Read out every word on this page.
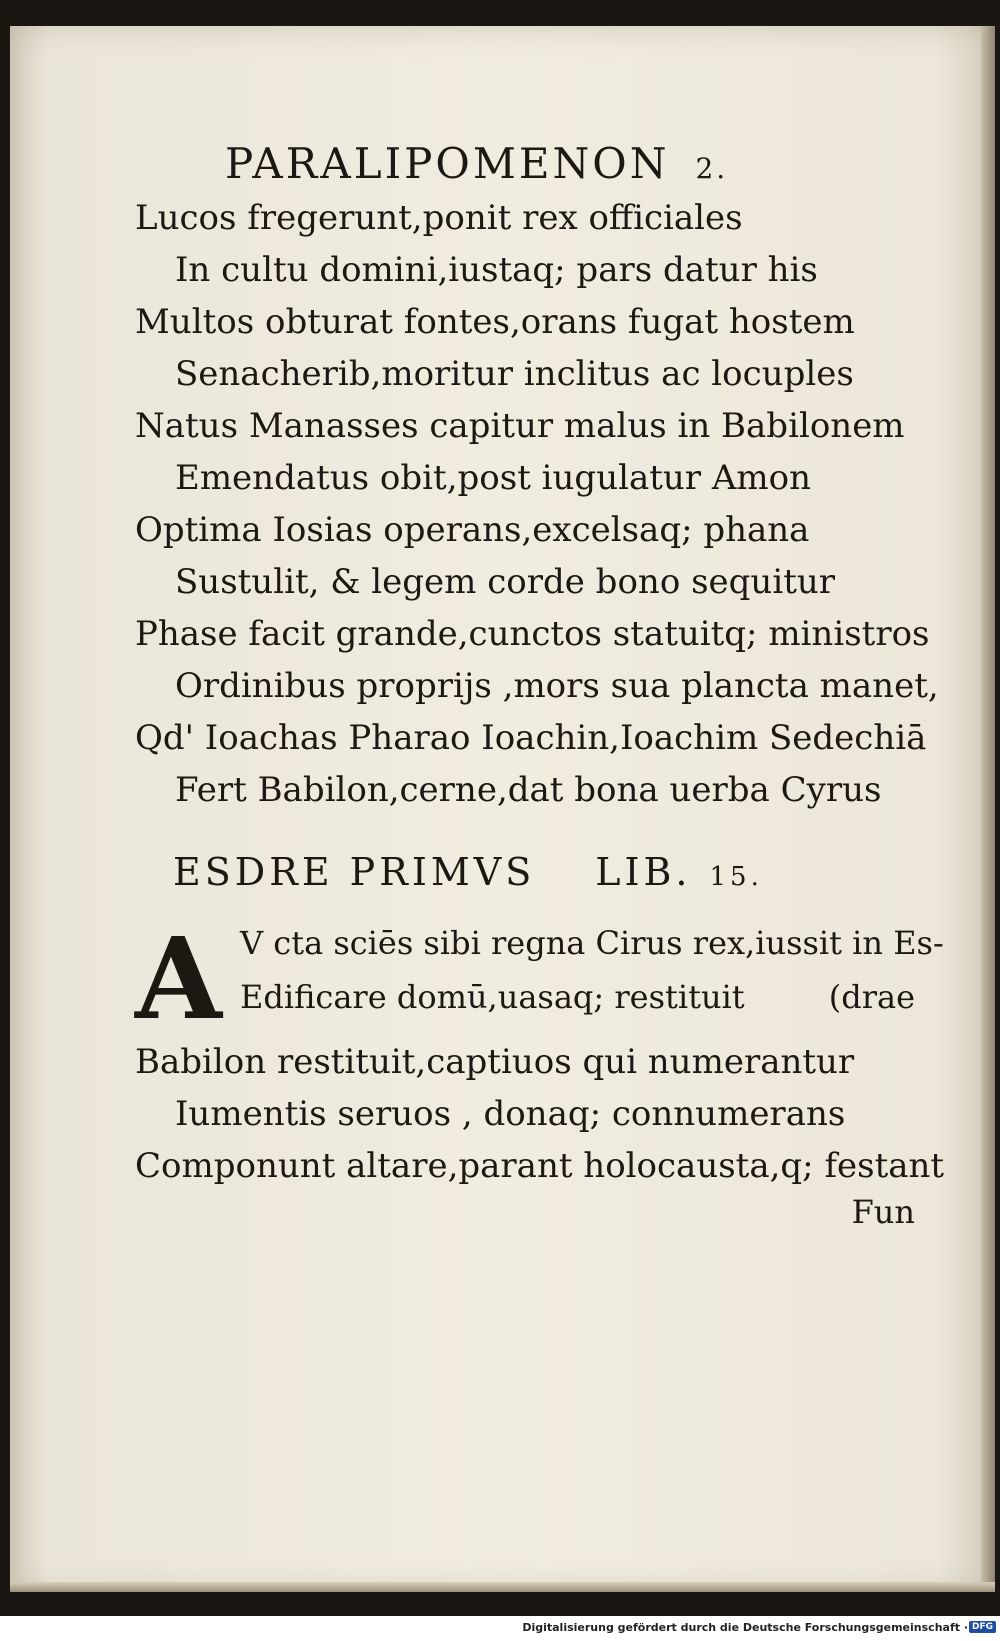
PARALIPOMENON 2.
Lucos fregerunt,ponit rex officiales
In cultu domini,iustaq; pars datur his
Multos obturat fontes,orans fugat hostem
Senacherib,moritur inclitus ac locuples
Natus Manasses capitur malus in Babilonem
Emendatus obit,post iugulatur Amon
Optima Iosias operans,excelsaq; phana
Sustulit, & legem corde bono sequitur
Phase facit grande,cunctos statuitq; ministros
Ordinibus proprijs ,mors sua plancta manet,
Qd' Ioachas Pharao Ioachin,Ioachim Sedechiā
Fert Babilon,cerne,dat bona uerba Cyrus
ESDRE PRIMVS LIB. 15.
A V cta sciēs sibi regna Cirus rex,iussit in Es-
Edificare domū,uasaq; restituit	(drae
Babilon restituit,captiuos qui numerantur
Iumentis seruos , donaq; connumerans
Componunt altare,parant holocausta,q; festant
Fun
Digitalisierung gefördert durch die Deutsche Forschungsgemeinschaft · DFG
